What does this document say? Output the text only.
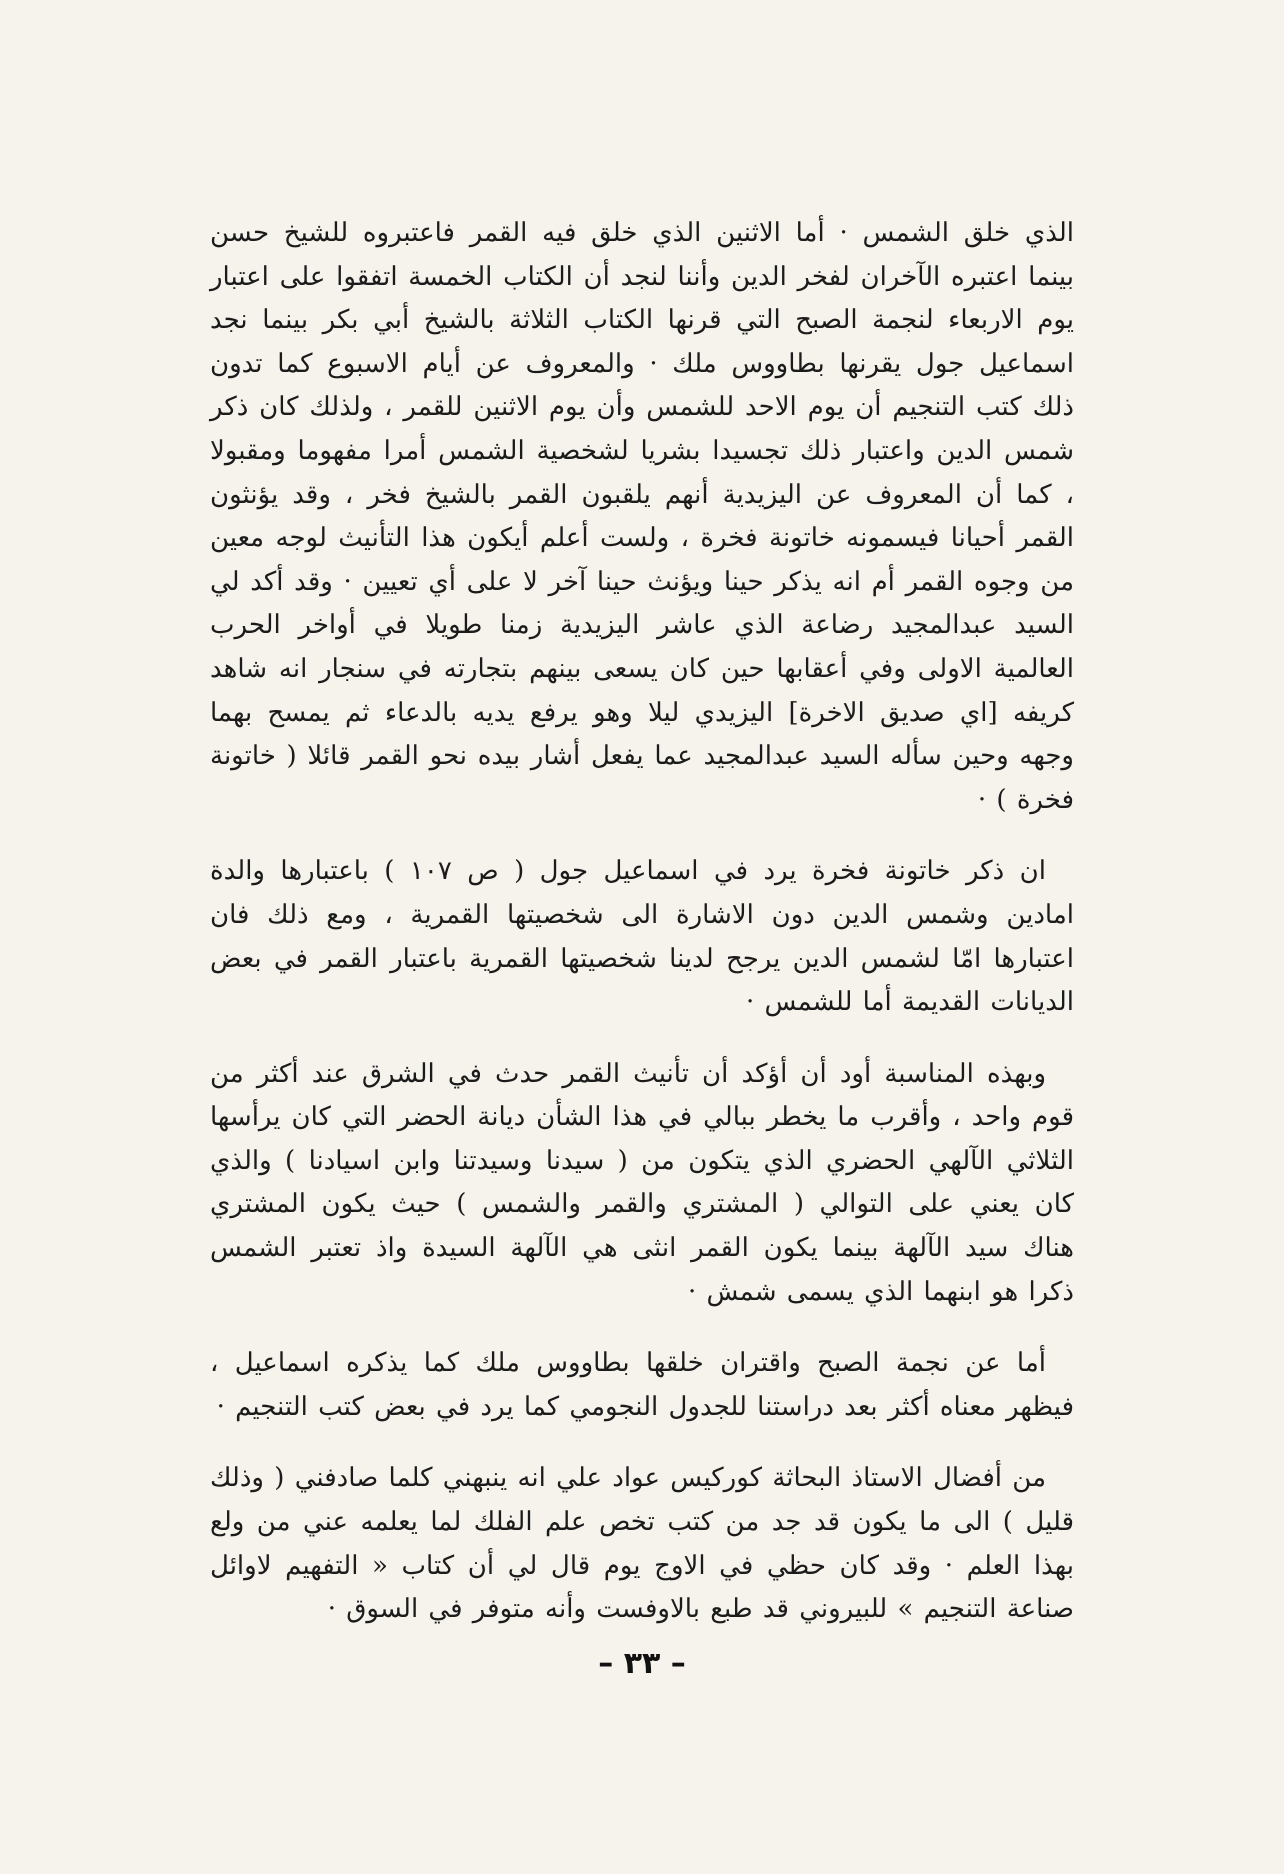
الذي خلق الشمس · أما الاثنين الذي خلق فيه القمر فاعتبروه للشيخ حسن بينما اعتبره الآخران لفخر الدين وأننا لنجد أن الكتاب الخمسة اتفقوا على اعتبار يوم الاربعاء لنجمة الصبح التي قرنها الكتاب الثلاثة بالشيخ أبي بكر بينما نجد اسماعيل جول يقرنها بطاووس ملك · والمعروف عن أيام الاسبوع كما تدون ذلك كتب التنجيم أن يوم الاحد للشمس وأن يوم الاثنين للقمر ، ولذلك كان ذكر شمس الدين واعتبار ذلك تجسيدا بشريا لشخصية الشمس أمرا مفهوما ومقبولا ، كما أن المعروف عن اليزيدية أنهم يلقبون القمر بالشيخ فخر ، وقد يؤنثون القمر أحيانا فيسمونه خاتونة فخرة ، ولست أعلم أيكون هذا التأنيث لوجه معين من وجوه القمر أم انه يذكر حينا ويؤنث حينا آخر لا على أي تعيين · وقد أكد لي السيد عبدالمجيد رضاعة الذي عاشر اليزيدية زمنا طويلا في أواخر الحرب العالمية الاولى وفي أعقابها حين كان يسعى بينهم بتجارته في سنجار انه شاهد كريفه [اي صديق الاخرة] اليزيدي ليلا وهو يرفع يديه بالدعاء ثم يمسح بهما وجهه وحين سأله السيد عبدالمجيد عما يفعل أشار بيده نحو القمر قائلا ( خاتونة فخرة ) ·

ان ذكر خاتونة فخرة يرد في اسماعيل جول ( ص ١٠٧ ) باعتبارها والدة امادين وشمس الدين دون الاشارة الى شخصيتها القمرية ، ومع ذلك فان اعتبارها امّا لشمس الدين يرجح لدينا شخصيتها القمرية باعتبار القمر في بعض الديانات القديمة أما للشمس ·

وبهذه المناسبة أود أن أؤكد أن تأنيث القمر حدث في الشرق عند أكثر من قوم واحد ، وأقرب ما يخطر ببالي في هذا الشأن ديانة الحضر التي كان يرأسها الثلاثي الآلهي الحضري الذي يتكون من ( سيدنا وسيدتنا وابن اسيادنا ) والذي كان يعني على التوالي ( المشتري والقمر والشمس ) حيث يكون المشتري هناك سيد الآلهة بينما يكون القمر انثى هي الآلهة السيدة واذ تعتبر الشمس ذكرا هو ابنهما الذي يسمى شمش ·

أما عن نجمة الصبح واقتران خلقها بطاووس ملك كما يذكره اسماعيل ، فيظهر معناه أكثر بعد دراستنا للجدول النجومي كما يرد في بعض كتب التنجيم ·

من أفضال الاستاذ البحاثة كوركيس عواد علي انه ينبهني كلما صادفني ( وذلك قليل ) الى ما يكون قد جد من كتب تخص علم الفلك لما يعلمه عني من ولع بهذا العلم · وقد كان حظي في الاوج يوم قال لي أن كتاب « التفهيم لاوائل صناعة التنجيم » للبيروني قد طبع بالاوفست وأنه متوفر في السوق ·

– ٣٣ –
